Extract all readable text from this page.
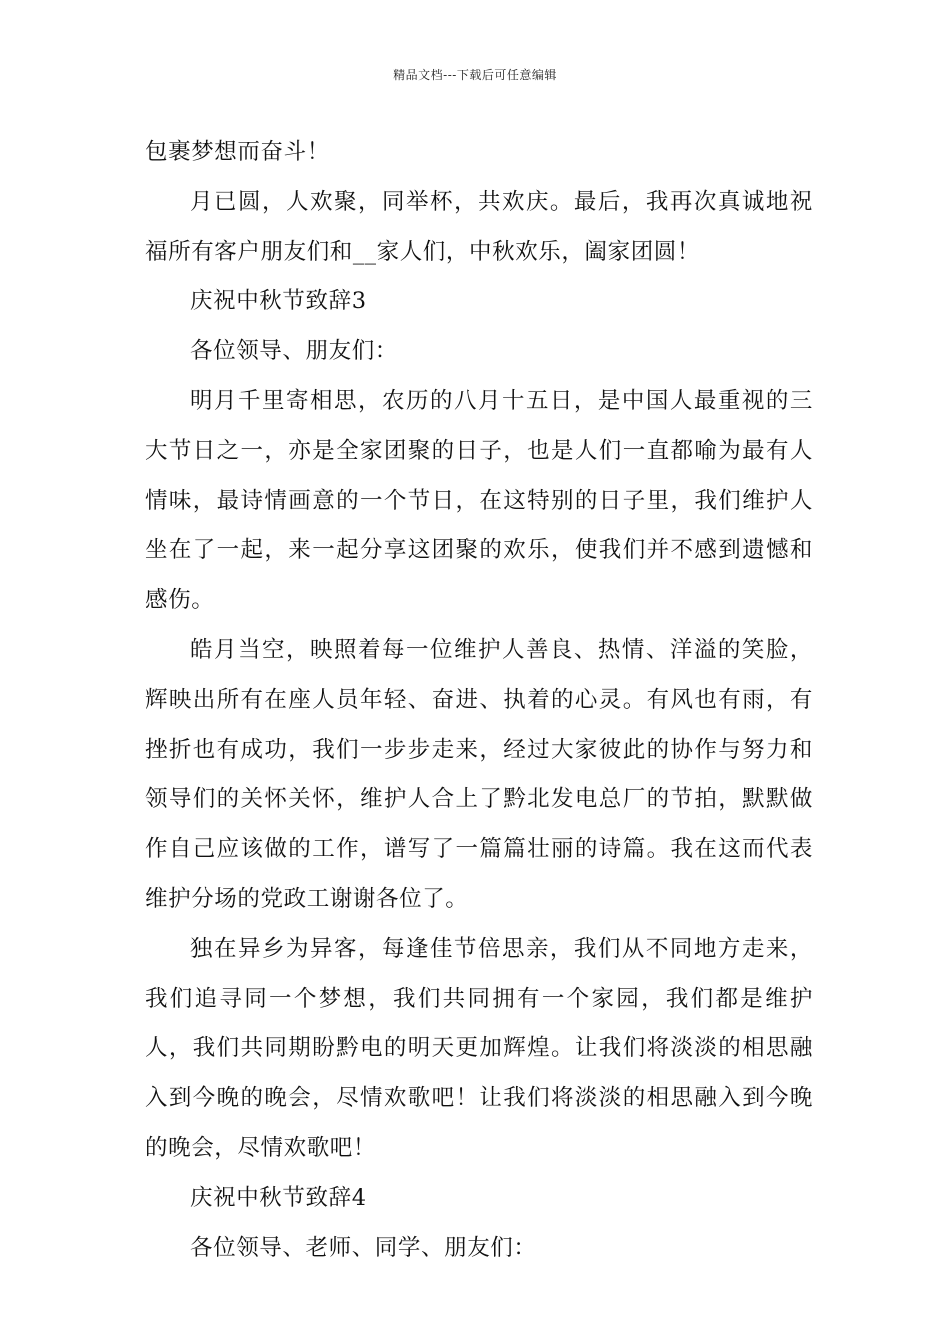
精品文档---下载后可任意编辑

包裹梦想而奋斗！

月已圆，人欢聚，同举杯，共欢庆。最后，我再次真诚地祝福所有客户朋友们和__家人们，中秋欢乐，阖家团圆！

庆祝中秋节致辞3

各位领导、朋友们：

明月千里寄相思，农历的八月十五日，是中国人最重视的三大节日之一，亦是全家团聚的日子，也是人们一直都喻为最有人情味，最诗情画意的一个节日，在这特别的日子里，我们维护人坐在了一起，来一起分享这团聚的欢乐，使我们并不感到遗憾和感伤。

皓月当空，映照着每一位维护人善良、热情、洋溢的笑脸，辉映出所有在座人员年轻、奋进、执着的心灵。有风也有雨，有挫折也有成功，我们一步步走来，经过大家彼此的协作与努力和领导们的关怀关怀，维护人合上了黔北发电总厂的节拍，默默做作自己应该做的工作，谱写了一篇篇壮丽的诗篇。我在这而代表维护分场的党政工谢谢各位了。

独在异乡为异客，每逢佳节倍思亲，我们从不同地方走来，我们追寻同一个梦想，我们共同拥有一个家园，我们都是维护人，我们共同期盼黔电的明天更加辉煌。让我们将淡淡的相思融入到今晚的晚会，尽情欢歌吧！让我们将淡淡的相思融入到今晚的晚会，尽情欢歌吧！

庆祝中秋节致辞4

各位领导、老师、同学、朋友们：
